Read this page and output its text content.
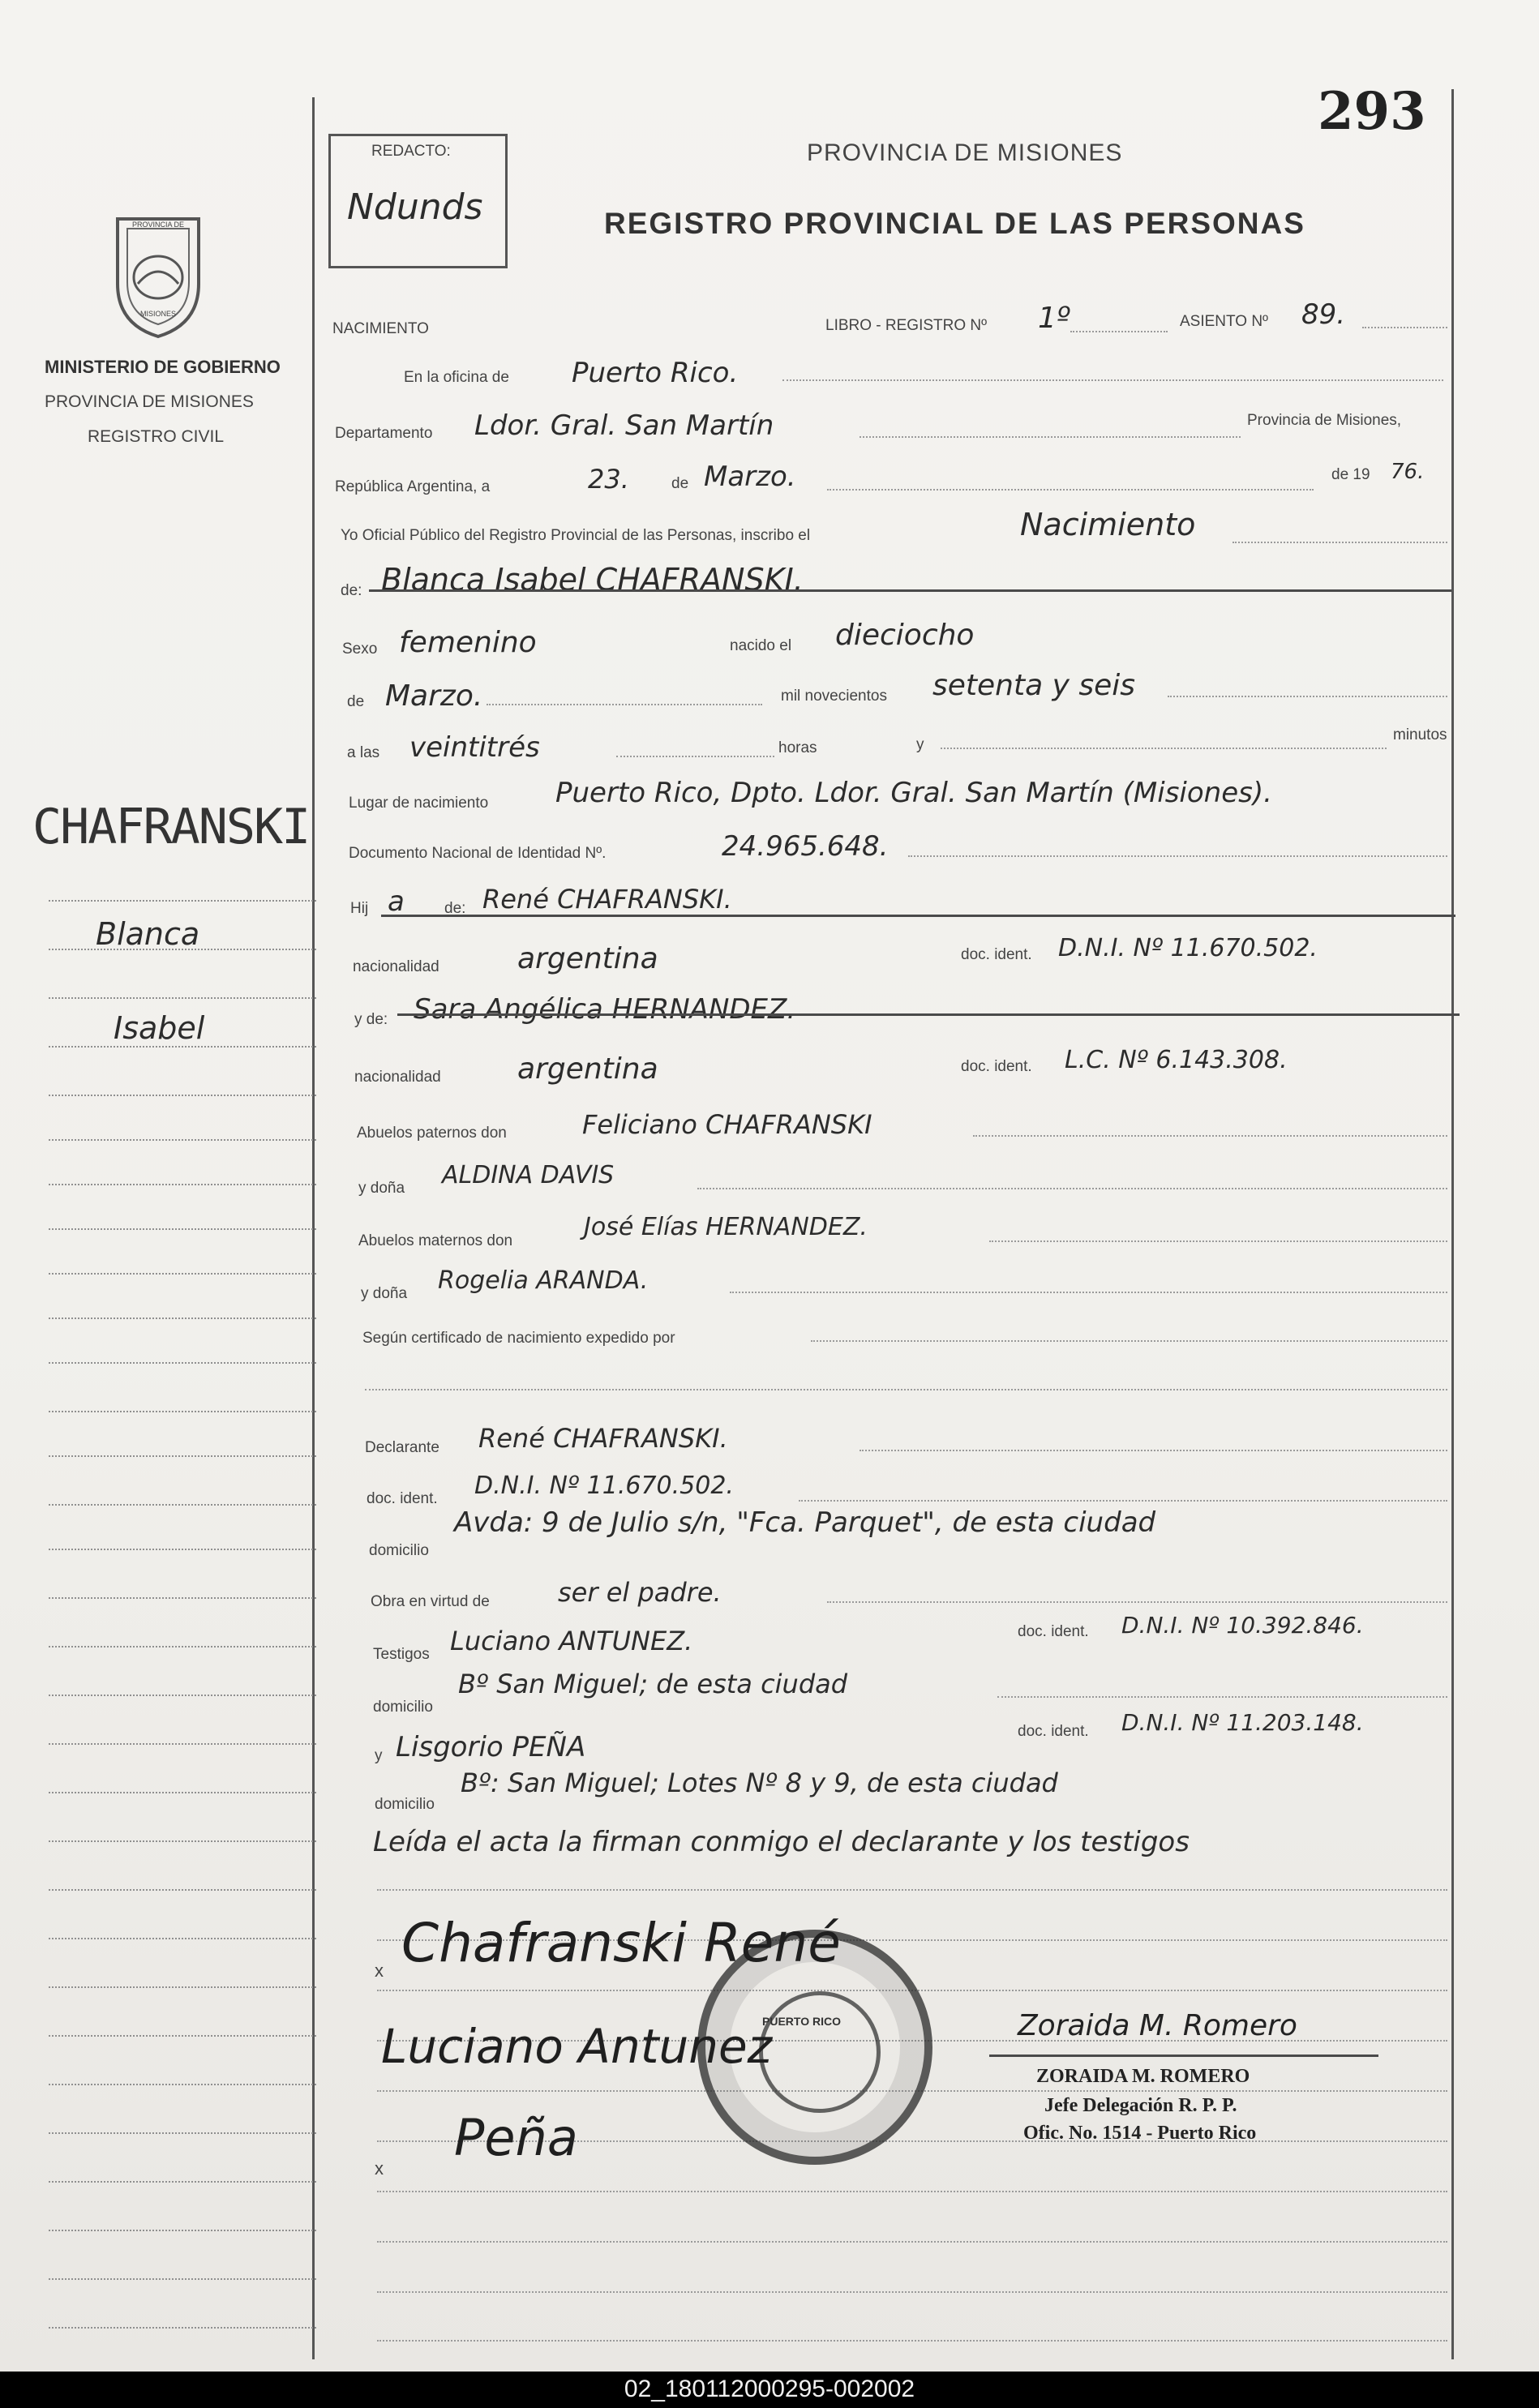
293
REDACTO:
Ndunds
PROVINCIA DE MISIONES
REGISTRO PROVINCIAL DE LAS PERSONAS
PROVINCIA DE
MISIONES
MINISTERIO DE GOBIERNO
PROVINCIA DE MISIONES
REGISTRO CIVIL
CHAFRANSKI
Blanca
Isabel
NACIMIENTO	LIBRO - REGISTRO Nº 1º	ASIENTO Nº 89.
En la oficina de Puerto Rico.
Departamento Ldor. Gral. San Martín	Provincia de Misiones,
República Argentina, a	23.	de Marzo.	de 19 76.
Yo Oficial Público del Registro Provincial de las Personas, inscribo el	Nacimiento
de: Blanca Isabel CHAFRANSKI.
Sexo femenino	nacido el dieciocho
de Marzo.	mil novecientos setenta y seis
a las veintitrés	horas	y
minutos
Lugar de nacimiento Puerto Rico, Dpto. Ldor. Gral. San Martín (Misiones).
Documento Nacional de Identidad Nº.	24.965.648.
Hij a	de: René CHAFRANSKI.
nacionalidad	argentina	doc. ident. D.N.I. Nº 11.670.502.
y de: Sara Angélica HERNANDEZ.
nacionalidad	argentina	doc. ident. L.C. Nº 6.143.308.
Abuelos paternos don	Feliciano CHAFRANSKI
y doña ALDINA DAVIS
Abuelos maternos don	José Elías HERNANDEZ.
y doña Rogelia ARANDA.
Según certificado de nacimiento expedido por
Declarante René CHAFRANSKI.
doc. ident. D.N.I. Nº 11.670.502.
domicilio
Avda: 9 de Julio s/n, "Fca. Parquet", de esta ciudad
Obra en virtud de	ser el padre.
Testigos Luciano ANTUNEZ.	doc. ident. D.N.I. Nº 10.392.846.
domicilio
Bº San Miguel; de esta ciudad
y Lisgorio PEÑA	doc. ident. D.N.I. Nº 11.203.148.
domicilio
Bº: San Miguel; Lotes Nº 8 y 9, de esta ciudad
Leída el acta la firman conmigo el declarante y los testigos
PUERTO RICO
x Chafranski René
Luciano Antunez
x
Peña
Zoraida M. Romero
ZORAIDA M. ROMERO
Jefe Delegación R. P. P.
Ofic. No. 1514 - Puerto Rico
02_180112000295-002002
